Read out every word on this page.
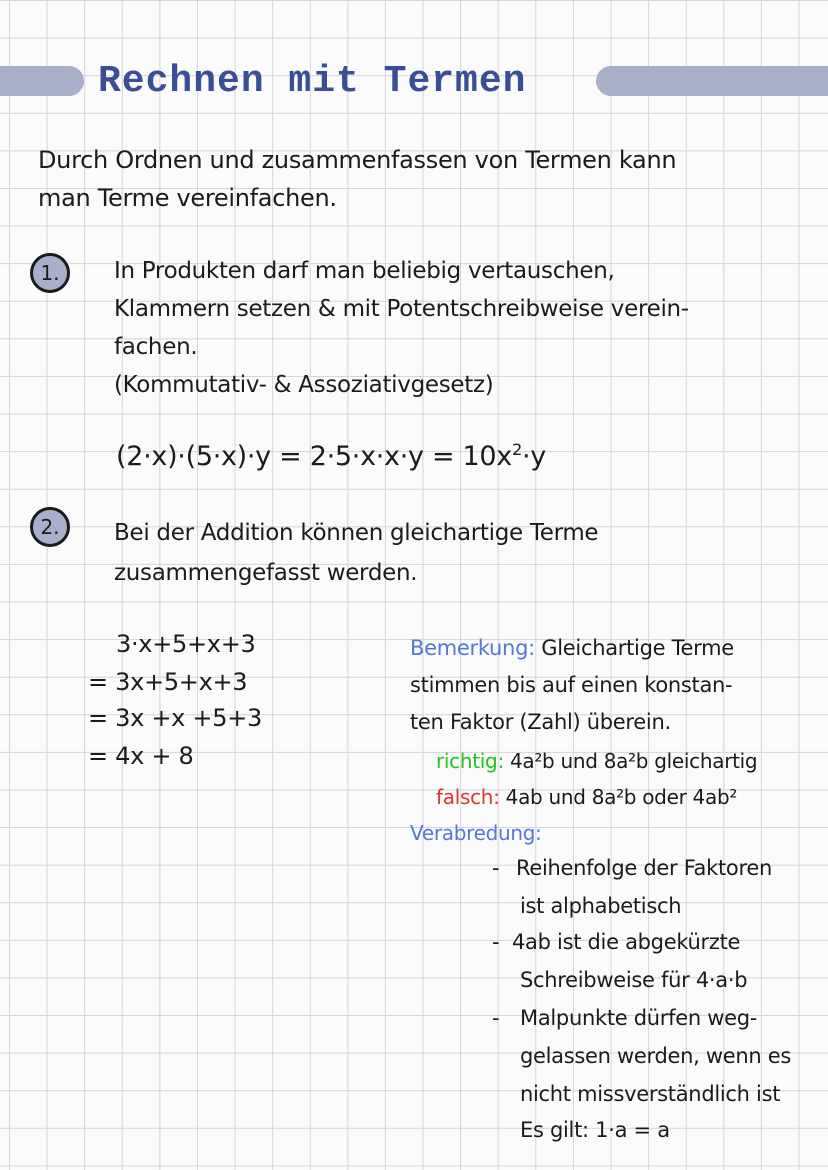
Rechnen mit Termen
Durch Ordnen und zusammenfassen von Termen kann
man Terme vereinfachen.
1. In Produkten darf man beliebig vertauschen,
Klammern setzen & mit Potentschreibweise verein-
fachen.
(Kommutativ- & Assoziativgesetz)
$(2\cdot x)\cdot(5\cdot x)\cdot y = 2\cdot 5\cdot x\cdot x\cdot y = 10x^2\cdot y$
2. Bei der Addition können gleichartige Terme
zusammengefasst werden.
3·x+5+x+3
= 3x+5+x+3
= 3x +x +5+3
= 4x + 8
Bemerkung: Gleichartige Terme
stimmen bis auf einen konstan-
ten Faktor (Zahl) überein.
richtig: 4a²b und 8a²b gleichartig
falsch: 4ab und 8a²b oder 4ab²
Verabredung:
- Reihenfolge der Faktoren
ist alphabetisch
- 4ab ist die abgekürzte
Schreibweise für 4·a·b
- Malpunkte dürfen weg-
gelassen werden, wenn es
nicht missverständlich ist
Es gilt: 1·a = a
